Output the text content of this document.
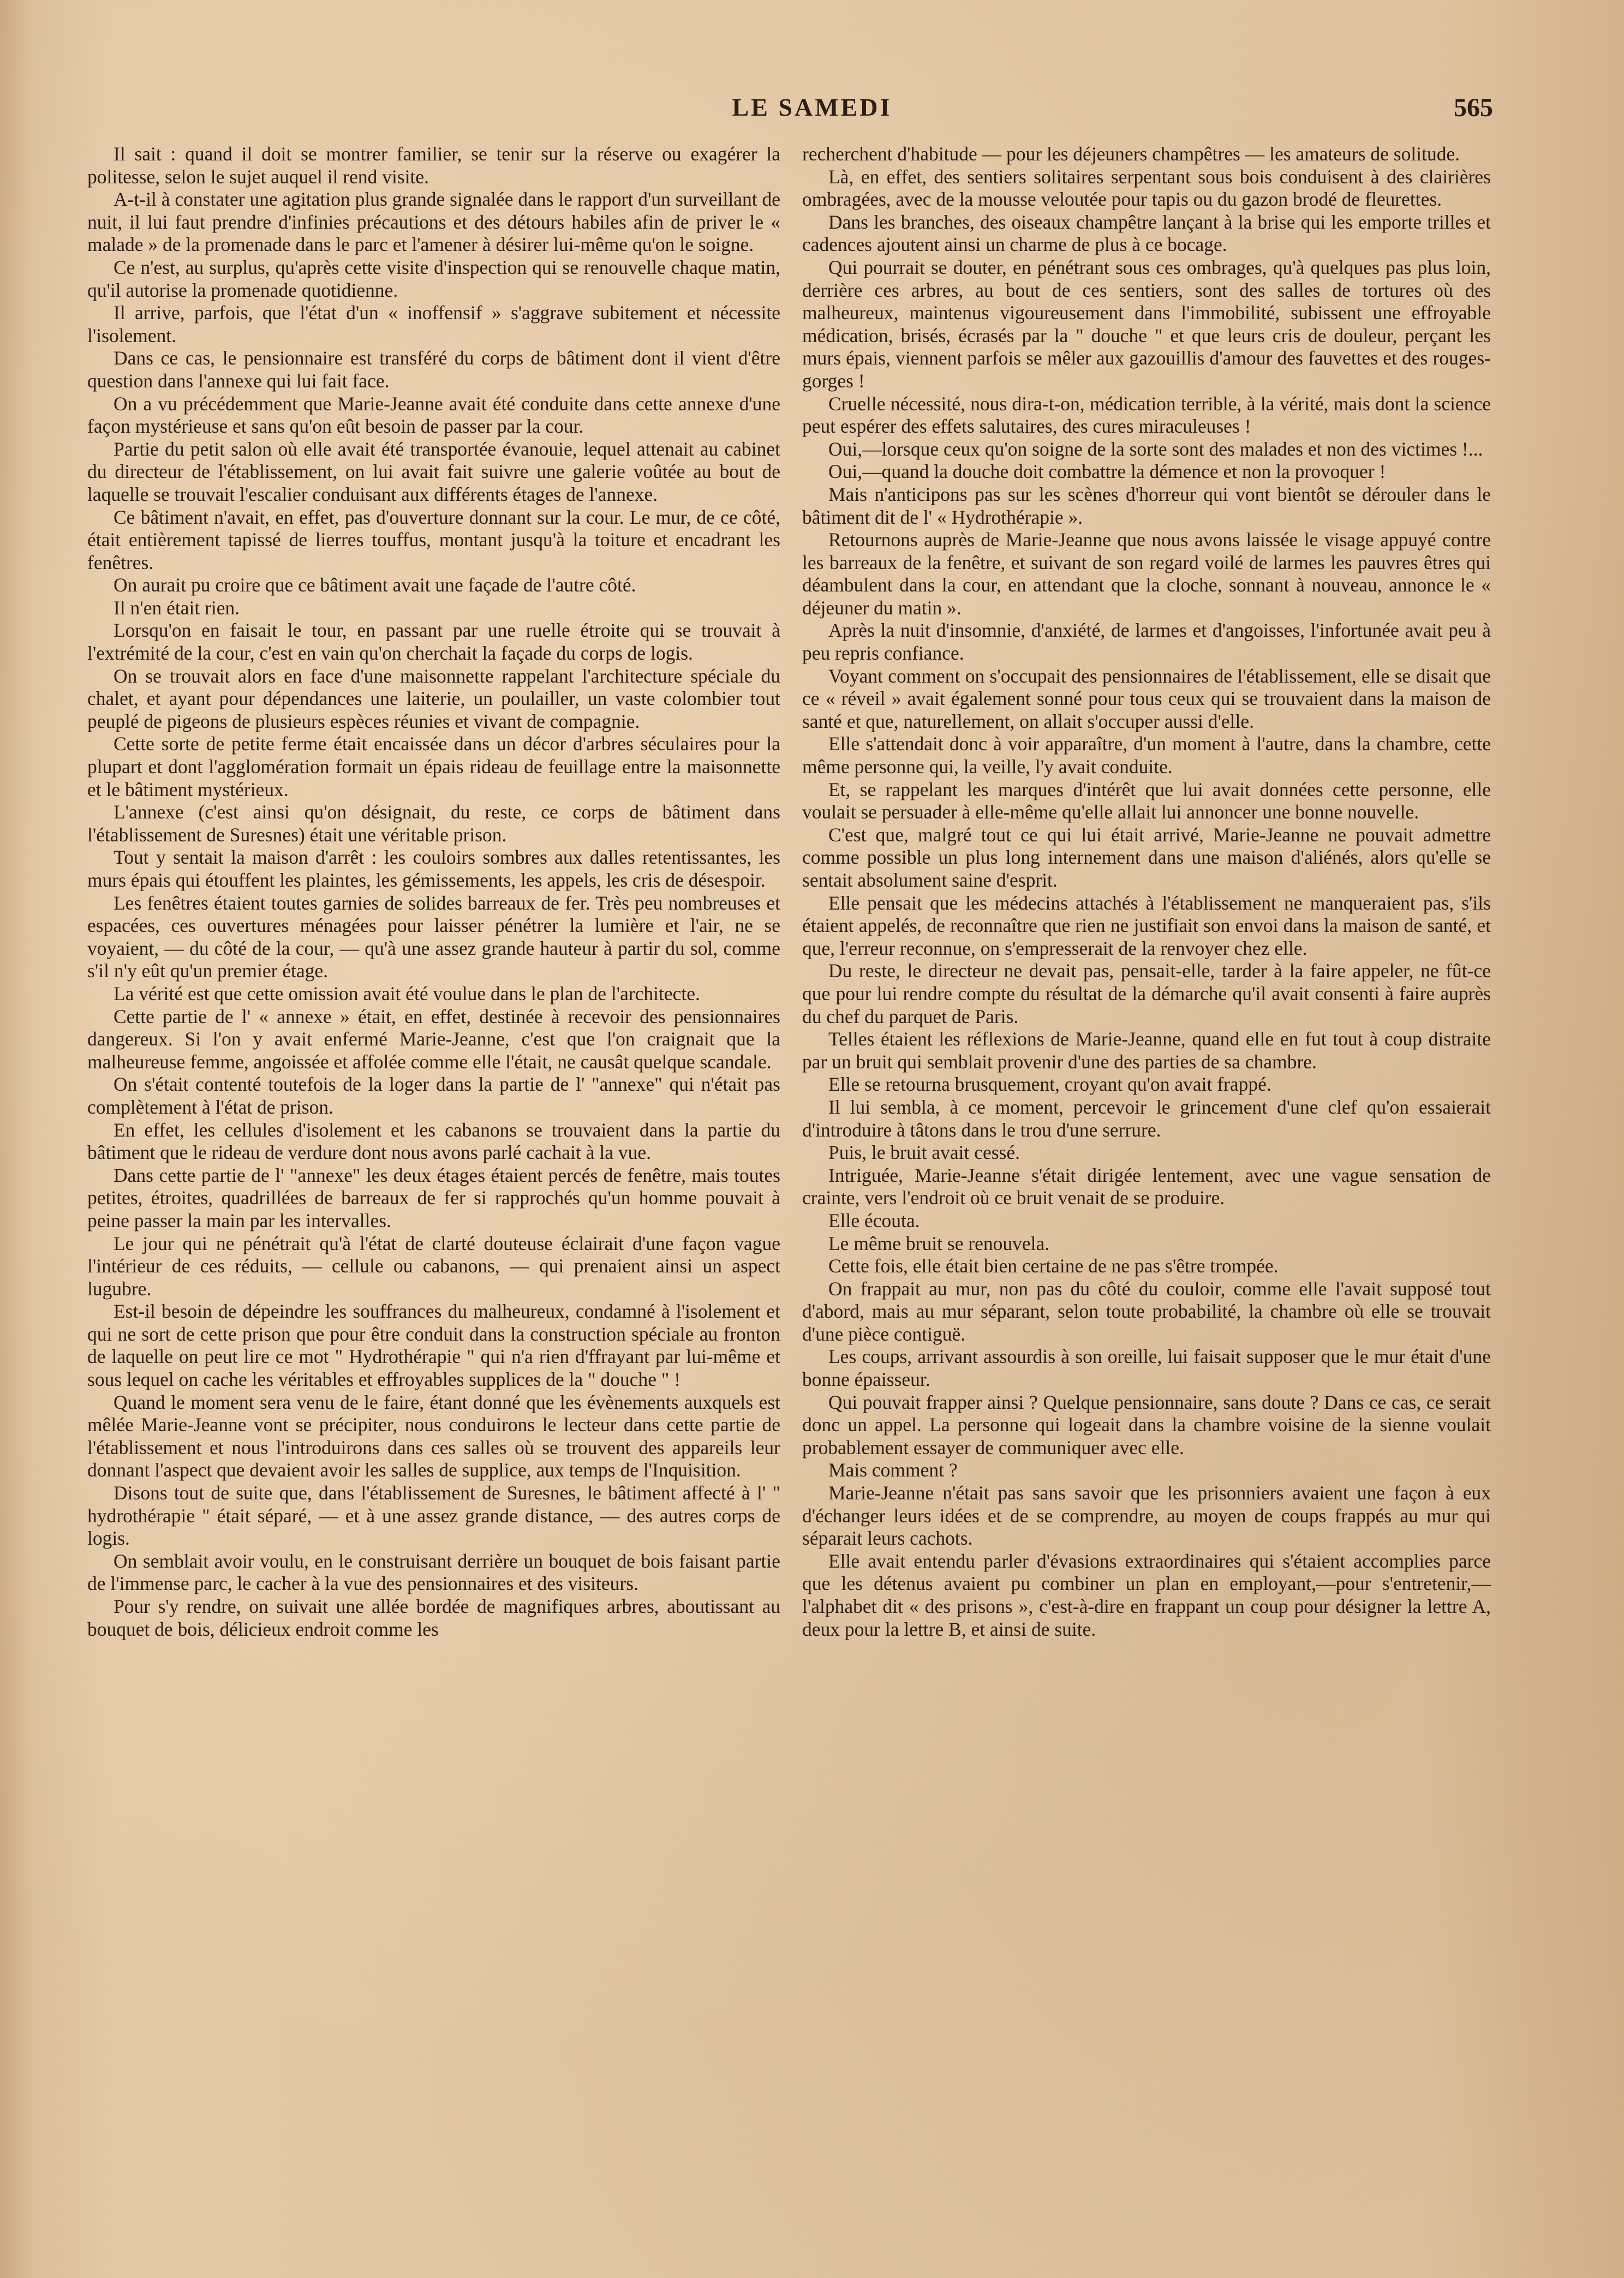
LE SAMEDI	565

Il sait : quand il doit se montrer familier, se tenir sur la réserve ou exagérer la politesse, selon le sujet auquel il rend visite.

A-t-il à constater une agitation plus grande signalée dans le rapport d'un surveillant de nuit, il lui faut prendre d'infinies précautions et des détours habiles afin de priver le « malade » de la promenade dans le parc et l'amener à désirer lui-même qu'on le soigne.

Ce n'est, au surplus, qu'après cette visite d'inspection qui se renouvelle chaque matin, qu'il autorise la promenade quotidienne.

Il arrive, parfois, que l'état d'un « inoffensif » s'aggrave subitement et nécessite l'isolement.

Dans ce cas, le pensionnaire est transféré du corps de bâtiment dont il vient d'être question dans l'annexe qui lui fait face.

On a vu précédemment que Marie-Jeanne avait été conduite dans cette annexe d'une façon mystérieuse et sans qu'on eût besoin de passer par la cour.

Partie du petit salon où elle avait été transportée évanouie, lequel attenait au cabinet du directeur de l'établissement, on lui avait fait suivre une galerie voûtée au bout de laquelle se trouvait l'escalier conduisant aux différents étages de l'annexe.

Ce bâtiment n'avait, en effet, pas d'ouverture donnant sur la cour. Le mur, de ce côté, était entièrement tapissé de lierres touffus, montant jusqu'à la toiture et encadrant les fenêtres.

On aurait pu croire que ce bâtiment avait une façade de l'autre côté.

Il n'en était rien.

Lorsqu'on en faisait le tour, en passant par une ruelle étroite qui se trouvait à l'extrémité de la cour, c'est en vain qu'on cherchait la façade du corps de logis.

On se trouvait alors en face d'une maisonnette rappelant l'architecture spéciale du chalet, et ayant pour dépendances une laiterie, un poulailler, un vaste colombier tout peuplé de pigeons de plusieurs espèces réunies et vivant de compagnie.

Cette sorte de petite ferme était encaissée dans un décor d'arbres séculaires pour la plupart et dont l'agglomération formait un épais rideau de feuillage entre la maisonnette et le bâtiment mystérieux.

L'annexe (c'est ainsi qu'on désignait, du reste, ce corps de bâtiment dans l'établissement de Suresnes) était une véritable prison.

Tout y sentait la maison d'arrêt : les couloirs sombres aux dalles retentissantes, les murs épais qui étouffent les plaintes, les gémissements, les appels, les cris de désespoir.

Les fenêtres étaient toutes garnies de solides barreaux de fer. Très peu nombreuses et espacées, ces ouvertures ménagées pour laisser pénétrer la lumière et l'air, ne se voyaient, — du côté de la cour, — qu'à une assez grande hauteur à partir du sol, comme s'il n'y eût qu'un premier étage.

La vérité est que cette omission avait été voulue dans le plan de l'architecte.

Cette partie de l' « annexe » était, en effet, destinée à recevoir des pensionnaires dangereux. Si l'on y avait enfermé Marie-Jeanne, c'est que l'on craignait que la malheureuse femme, angoissée et affolée comme elle l'était, ne causât quelque scandale.

On s'était contenté toutefois de la loger dans la partie de l' "annexe" qui n'était pas complètement à l'état de prison.

En effet, les cellules d'isolement et les cabanons se trouvaient dans la partie du bâtiment que le rideau de verdure dont nous avons parlé cachait à la vue.

Dans cette partie de l' "annexe" les deux étages étaient percés de fenêtre, mais toutes petites, étroites, quadrillées de barreaux de fer si rapprochés qu'un homme pouvait à peine passer la main par les intervalles.

Le jour qui ne pénétrait qu'à l'état de clarté douteuse éclairait d'une façon vague l'intérieur de ces réduits, — cellule ou cabanons, — qui prenaient ainsi un aspect lugubre.

Est-il besoin de dépeindre les souffrances du malheureux, condamné à l'isolement et qui ne sort de cette prison que pour être conduit dans la construction spéciale au fronton de laquelle on peut lire ce mot " Hydrothérapie " qui n'a rien d'ffrayant par lui-même et sous lequel on cache les véritables et effroyables supplices de la " douche " !

Quand le moment sera venu de le faire, étant donné que les évènements auxquels est mêlée Marie-Jeanne vont se précipiter, nous conduirons le lecteur dans cette partie de l'établissement et nous l'introduirons dans ces salles où se trouvent des appareils leur donnant l'aspect que devaient avoir les salles de supplice, aux temps de l'Inquisition.

Disons tout de suite que, dans l'établissement de Suresnes, le bâtiment affecté à l' " hydrothérapie " était séparé, — et à une assez grande distance, — des autres corps de logis.

On semblait avoir voulu, en le construisant derrière un bouquet de bois faisant partie de l'immense parc, le cacher à la vue des pensionnaires et des visiteurs.

Pour s'y rendre, on suivait une allée bordée de magnifiques arbres, aboutissant au bouquet de bois, délicieux endroit comme les

recherchent d'habitude — pour les déjeuners champêtres — les amateurs de solitude.

Là, en effet, des sentiers solitaires serpentant sous bois conduisent à des clairières ombragées, avec de la mousse veloutée pour tapis ou du gazon brodé de fleurettes.

Dans les branches, des oiseaux champêtre lançant à la brise qui les emporte trilles et cadences ajoutent ainsi un charme de plus à ce bocage.

Qui pourrait se douter, en pénétrant sous ces ombrages, qu'à quelques pas plus loin, derrière ces arbres, au bout de ces sentiers, sont des salles de tortures où des malheureux, maintenus vigoureusement dans l'immobilité, subissent une effroyable médication, brisés, écrasés par la " douche " et que leurs cris de douleur, perçant les murs épais, viennent parfois se mêler aux gazouillis d'amour des fauvettes et des rouges-gorges !

Cruelle nécessité, nous dira-t-on, médication terrible, à la vérité, mais dont la science peut espérer des effets salutaires, des cures miraculeuses !

Oui,—lorsque ceux qu'on soigne de la sorte sont des malades et non des victimes !...

Oui,—quand la douche doit combattre la démence et non la provoquer !

Mais n'anticipons pas sur les scènes d'horreur qui vont bientôt se dérouler dans le bâtiment dit de l' « Hydrothérapie ».

Retournons auprès de Marie-Jeanne que nous avons laissée le visage appuyé contre les barreaux de la fenêtre, et suivant de son regard voilé de larmes les pauvres êtres qui déambulent dans la cour, en attendant que la cloche, sonnant à nouveau, annonce le « déjeuner du matin ».

Après la nuit d'insomnie, d'anxiété, de larmes et d'angoisses, l'infortunée avait peu à peu repris confiance.

Voyant comment on s'occupait des pensionnaires de l'établissement, elle se disait que ce « réveil » avait également sonné pour tous ceux qui se trouvaient dans la maison de santé et que, naturellement, on allait s'occuper aussi d'elle.

Elle s'attendait donc à voir apparaître, d'un moment à l'autre, dans la chambre, cette même personne qui, la veille, l'y avait conduite.

Et, se rappelant les marques d'intérêt que lui avait données cette personne, elle voulait se persuader à elle-même qu'elle allait lui annoncer une bonne nouvelle.

C'est que, malgré tout ce qui lui était arrivé, Marie-Jeanne ne pouvait admettre comme possible un plus long internement dans une maison d'aliénés, alors qu'elle se sentait absolument saine d'esprit.

Elle pensait que les médecins attachés à l'établissement ne manqueraient pas, s'ils étaient appelés, de reconnaître que rien ne justifiait son envoi dans la maison de santé, et que, l'erreur reconnue, on s'empresserait de la renvoyer chez elle.

Du reste, le directeur ne devait pas, pensait-elle, tarder à la faire appeler, ne fût-ce que pour lui rendre compte du résultat de la démarche qu'il avait consenti à faire auprès du chef du parquet de Paris.

Telles étaient les réflexions de Marie-Jeanne, quand elle en fut tout à coup distraite par un bruit qui semblait provenir d'une des parties de sa chambre.

Elle se retourna brusquement, croyant qu'on avait frappé.

Il lui sembla, à ce moment, percevoir le grincement d'une clef qu'on essaierait d'introduire à tâtons dans le trou d'une serrure.

Puis, le bruit avait cessé.

Intriguée, Marie-Jeanne s'était dirigée lentement, avec une vague sensation de crainte, vers l'endroit où ce bruit venait de se produire.

Elle écouta.

Le même bruit se renouvela.

Cette fois, elle était bien certaine de ne pas s'être trompée.

On frappait au mur, non pas du côté du couloir, comme elle l'avait supposé tout d'abord, mais au mur séparant, selon toute probabilité, la chambre où elle se trouvait d'une pièce contiguë.

Les coups, arrivant assourdis à son oreille, lui faisait supposer que le mur était d'une bonne épaisseur.

Qui pouvait frapper ainsi ? Quelque pensionnaire, sans doute ? Dans ce cas, ce serait donc un appel. La personne qui logeait dans la chambre voisine de la sienne voulait probablement essayer de communiquer avec elle.

Mais comment ?

Marie-Jeanne n'était pas sans savoir que les prisonniers avaient une façon à eux d'échanger leurs idées et de se comprendre, au moyen de coups frappés au mur qui séparait leurs cachots.

Elle avait entendu parler d'évasions extraordinaires qui s'étaient accomplies parce que les détenus avaient pu combiner un plan en employant,—pour s'entretenir,—l'alphabet dit « des prisons », c'est-à-dire en frappant un coup pour désigner la lettre A, deux pour la lettre B, et ainsi de suite.
